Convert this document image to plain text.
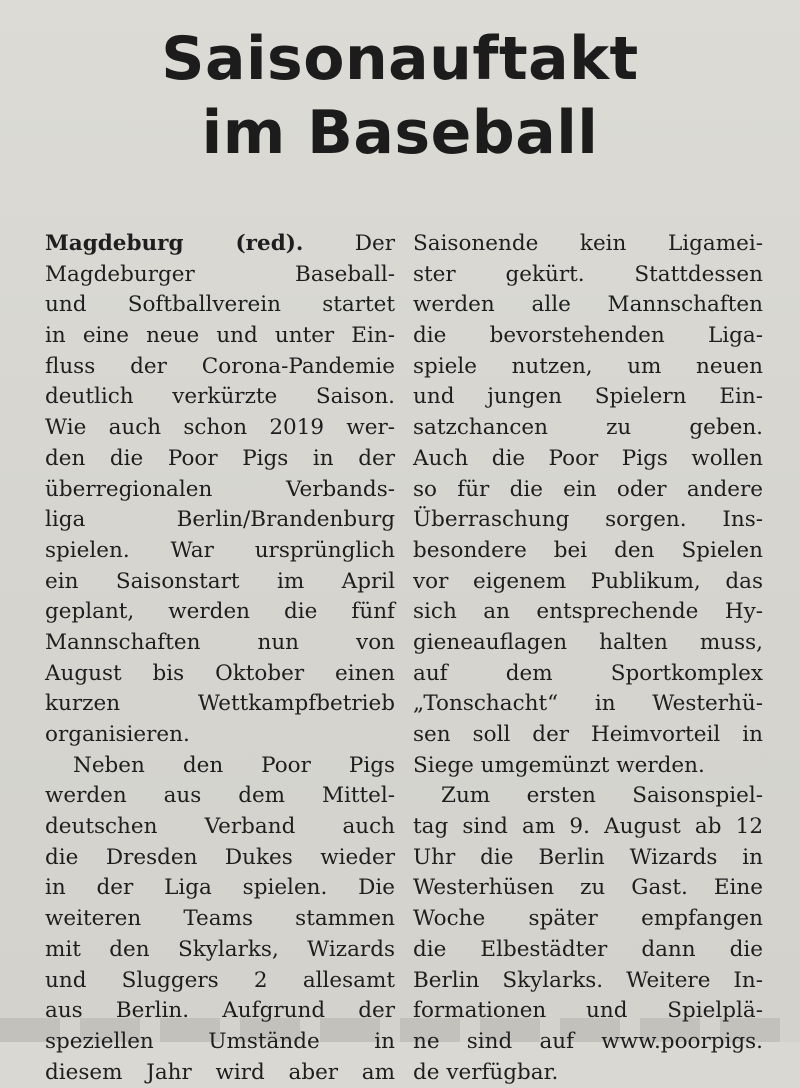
Saisonauftakt
im Baseball
Magdeburg (red). Der
Magdeburger Baseball-
und Softballverein startet
in eine neue und unter Ein-
fluss der Corona-Pandemie
deutlich verkürzte Saison.
Wie auch schon 2019 wer-
den die Poor Pigs in der
überregionalen Verbands-
liga Berlin/Brandenburg
spielen. War ursprünglich
ein Saisonstart im April
geplant, werden die fünf
Mannschaften nun von
August bis Oktober einen
kurzen Wettkampfbetrieb
organisieren.
Neben den Poor Pigs
werden aus dem Mittel-
deutschen Verband auch
die Dresden Dukes wieder
in der Liga spielen. Die
weiteren Teams stammen
mit den Skylarks, Wizards
und Sluggers 2 allesamt
aus Berlin. Aufgrund der
speziellen Umstände in
diesem Jahr wird aber am
Saisonende kein Ligamei-
ster gekürt. Stattdessen
werden alle Mannschaften
die bevorstehenden Liga-
spiele nutzen, um neuen
und jungen Spielern Ein-
satzchancen zu geben.
Auch die Poor Pigs wollen
so für die ein oder andere
Überraschung sorgen. Ins-
besondere bei den Spielen
vor eigenem Publikum, das
sich an entsprechende Hy-
gieneauflagen halten muss,
auf dem Sportkomplex
„Tonschacht“ in Westerhü-
sen soll der Heimvorteil in
Siege umgemünzt werden.
Zum ersten Saisonspiel-
tag sind am 9. August ab 12
Uhr die Berlin Wizards in
Westerhüsen zu Gast. Eine
Woche später empfangen
die Elbestädter dann die
Berlin Skylarks. Weitere In-
formationen und Spielplä-
ne sind auf www.poorpigs.
de verfügbar.
